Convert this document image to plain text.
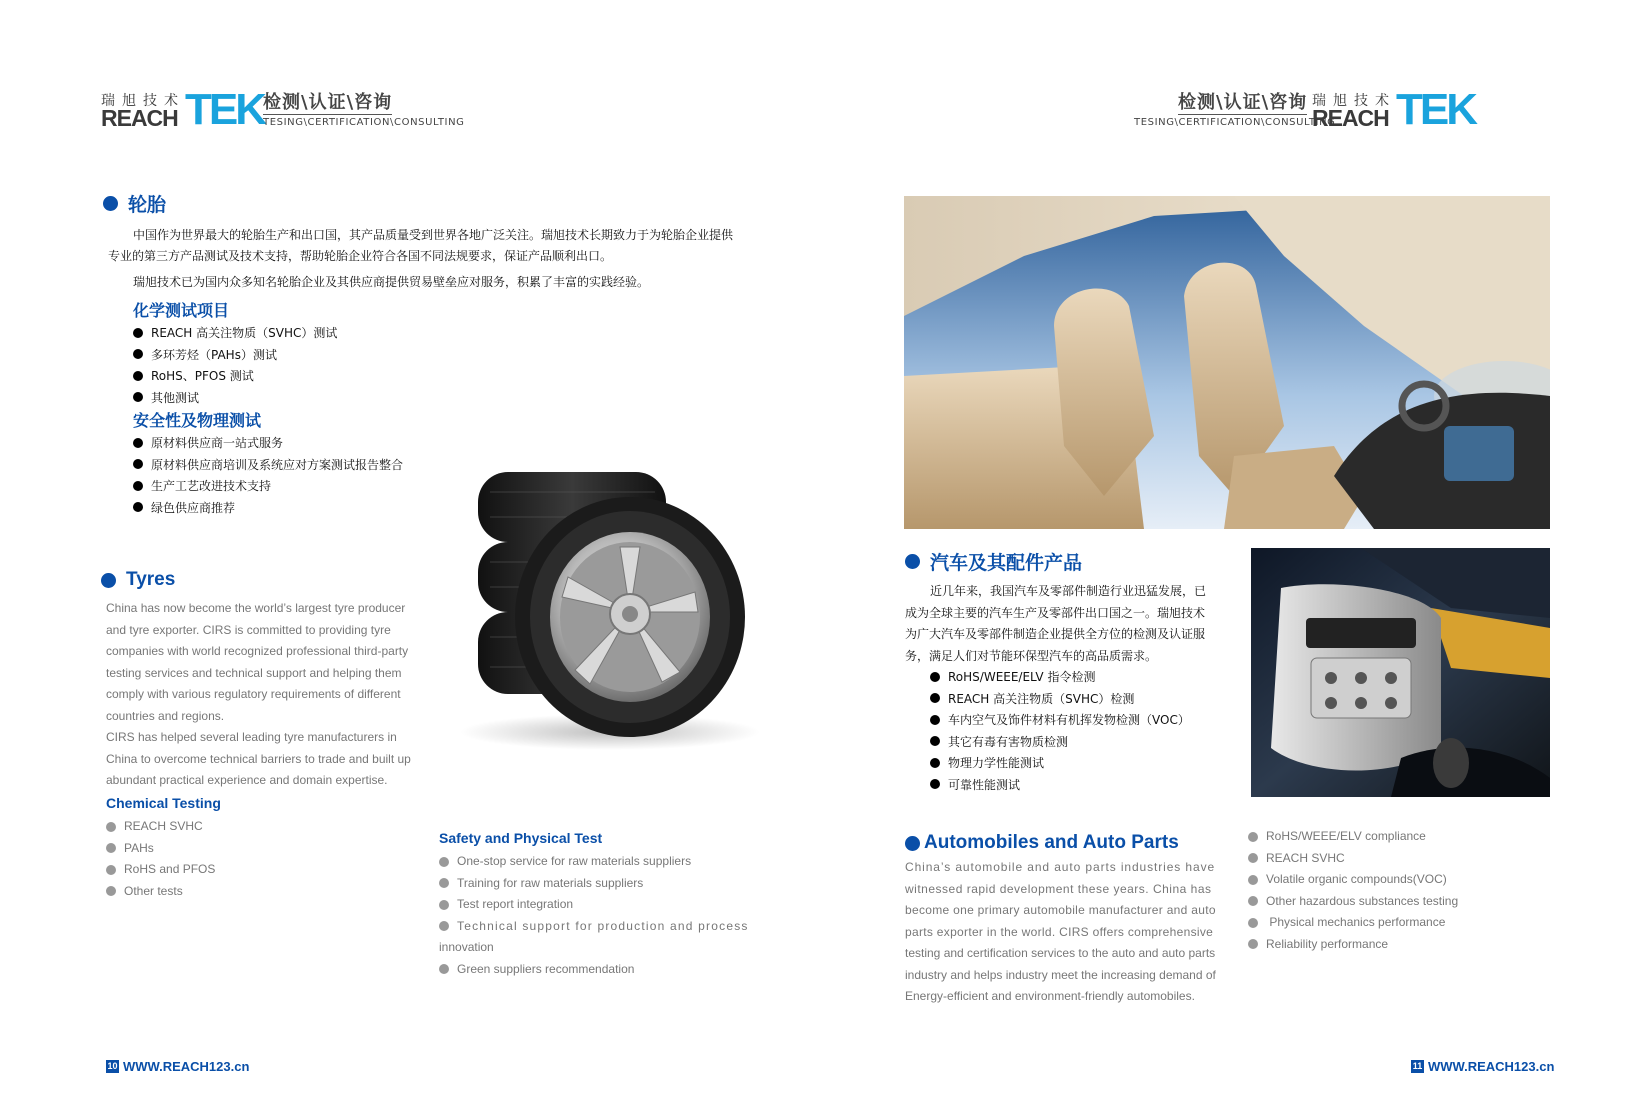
瑞旭技术
REACH TEK 检测\认证\咨询
TESING\CERTIFICATION\CONSULTING
检测\认证\咨询
TESING\CERTIFICATION\CONSULTING
瑞旭技术
REACH TEK
轮胎
中国作为世界最大的轮胎生产和出口国，其产品质量受到世界各地广泛关注。瑞旭技术长期致力于为轮胎企业提供
专业的第三方产品测试及技术支持，帮助轮胎企业符合各国不同法规要求，保证产品顺利出口。
瑞旭技术已为国内众多知名轮胎企业及其供应商提供贸易壁垒应对服务，积累了丰富的实践经验。
化学测试项目
REACH 高关注物质（SVHC）测试
多环芳烃（PAHs）测试
RoHS、PFOS 测试
其他测试
安全性及物理测试
原材料供应商一站式服务
原材料供应商培训及系统应对方案测试报告整合
生产工艺改进技术支持
绿色供应商推荐
Tyres
China has now become the world’s largest tyre producer
and tyre exporter. CIRS is committed to providing tyre
companies with world recognized professional third-party
testing services and technical support and helping them
comply with various regulatory requirements of different
countries and regions.
CIRS has helped several leading tyre manufacturers in
China to overcome technical barriers to trade and built up
abundant practical experience and domain expertise.
Chemical Testing
REACH SVHC
PAHs
RoHS and PFOS
Other tests
Safety and Physical Test
One-stop service for raw materials suppliers
Training for raw materials suppliers
Test report integration
Technical support for production and process
innovation
Green suppliers recommendation
10 WWW.REACH123.cn
汽车及其配件产品
近几年来，我国汽车及零部件制造行业迅猛发展，已
成为全球主要的汽车生产及零部件出口国之一。瑞旭技术
为广大汽车及零部件制造企业提供全方位的检测及认证服
务，满足人们对节能环保型汽车的高品质需求。
RoHS/WEEE/ELV 指令检测
REACH 高关注物质（SVHC）检测
车内空气及饰件材料有机挥发物检测（VOC）
其它有毒有害物质检测
物理力学性能测试
可靠性能测试
Automobiles and Auto Parts
China’s automobile and auto parts industries have
witnessed rapid development these years. China has
become one primary automobile manufacturer and auto
parts exporter in the world. CIRS offers comprehensive
testing and certification services to the auto and auto parts
industry and helps industry meet the increasing demand of
Energy-efficient and environment-friendly automobiles.
RoHS/WEEE/ELV compliance
REACH SVHC
Volatile organic compounds(VOC)
Other hazardous substances testing
Physical mechanics performance
Reliability performance
11 WWW.REACH123.cn
